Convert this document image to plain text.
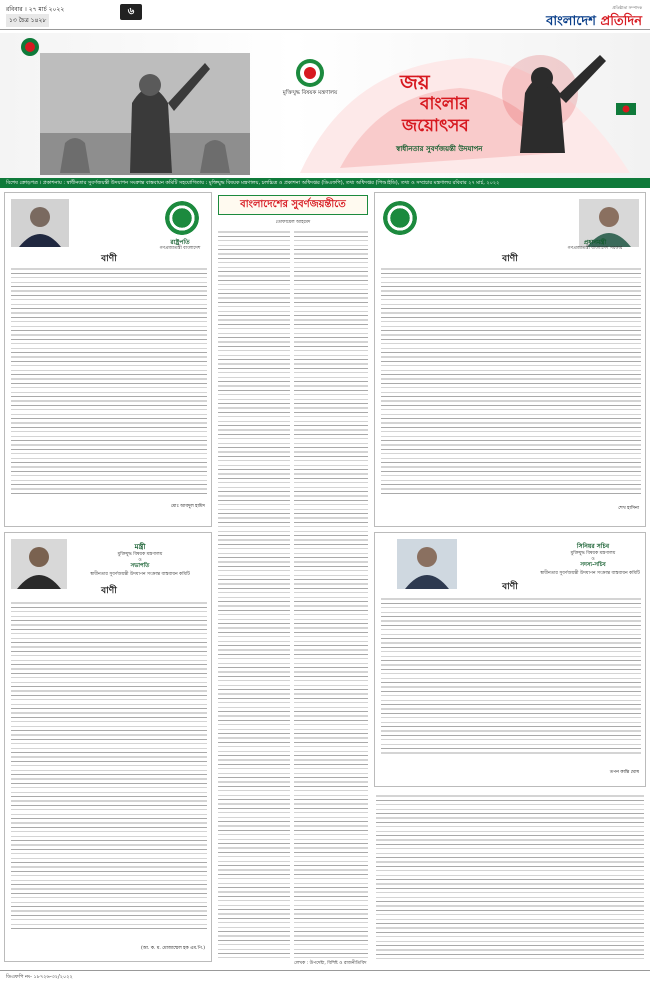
রবিবার । ২৭ মার্চ ২০২২
১৩ চৈত্র ১৪২৮
৬	প্রতিষ্ঠাতা সম্পাদক
বাংলাদেশ প্রতিদিন
মুক্তিযুদ্ধ বিষয়ক মন্ত্রণালয়	জয়
বাংলার
জয়োৎসব
স্বাধীনতার সুবর্ণজয়ন্তী উদযাপন
বিশেষ ক্রোড়পত্র । প্রকাশনায় : স্বাধীনতার সুবর্ণজয়ন্তী উদযাপন সংক্রান্ত বাস্তবায়ন কমিটি সহযোগিতায় : মুক্তিযুদ্ধ বিষয়ক মন্ত্রণালয়, চলচ্চিত্র ও প্রকাশনা অধিদপ্তর (ডিএফপি), তথ্য অধিদপ্তর (পিআইডি), তথ্য ও সম্প্রচার মন্ত্রণালয় রবিবার ২৭ মার্চ, ২০২২
রাষ্ট্রপতি
গণপ্রজাতন্ত্রী বাংলাদেশ
বাণী
মোঃ আবদুল হামিদ
বাংলাদেশের সুবর্ণজয়ন্তীতে
তোফায়েল আহমেদ
লেখক : উপদেষ্টা, বিশিষ্ট ও রাজনীতিবিদ
প্রধানমন্ত্রী
গণপ্রজাতন্ত্রী বাংলাদেশ সরকার
বাণী
শেখ হাসিনা
মন্ত্রী
মুক্তিযুদ্ধ বিষয়ক মন্ত্রণালয়
ও
সভাপতি
স্বাধীনতার সুবর্ণজয়ন্তী উদযাপন সংক্রান্ত বাস্তবায়ন কমিটি
বাণী
(আ. ক. ম. মোজাম্মেল হক এম.পি.)
সিনিয়র সচিব
মুক্তিযুদ্ধ বিষয়ক মন্ত্রণালয়
ও
সদস্য-সচিব
স্বাধীনতার সুবর্ণজয়ন্তী উদযাপন সংক্রান্ত বাস্তবায়ন কমিটি
বাণী
তপন কান্তি ঘোষ
ডিএফপি নং- ১৮৭২৬-৩২/২০২২
